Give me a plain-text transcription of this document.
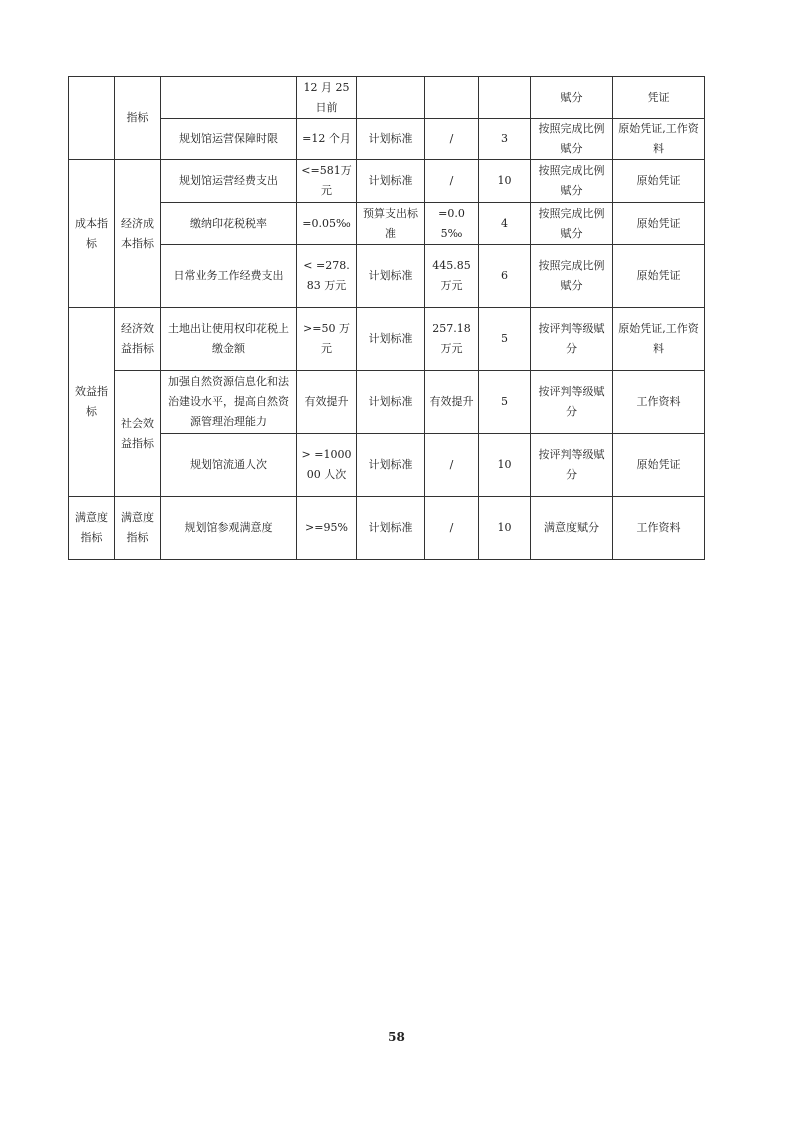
	指标		12 月 25 日前				赋分	凭证
		规划馆运营保障时限	=12 个月	计划标准	/	3	按照完成比例赋分	原始凭证,工作资料
成本指标	经济成本指标	规划馆运营经费支出	<=581万元	计划标准	/	10	按照完成比例赋分	原始凭证
		缴纳印花税税率	=0.05‰	预算支出标准	=0.05‰	4	按照完成比例赋分	原始凭证
		日常业务工作经费支出	< =278.83 万元	计划标准	445.85 万元	6	按照完成比例赋分	原始凭证
效益指标	经济效益指标	土地出让使用权印花税上缴金额	>=50 万元	计划标准	257.18 万元	5	按评判等级赋分	原始凭证,工作资料
	社会效益指标	加强自然资源信息化和法治建设水平，提高自然资源管理治理能力	有效提升	计划标准	有效提升	5	按评判等级赋分	工作资料
		规划馆流通人次	> =100000 人次	计划标准	/	10	按评判等级赋分	原始凭证
满意度指标	满意度指标	规划馆参观满意度	>=95%	计划标准	/	10	满意度赋分	工作资料
58
